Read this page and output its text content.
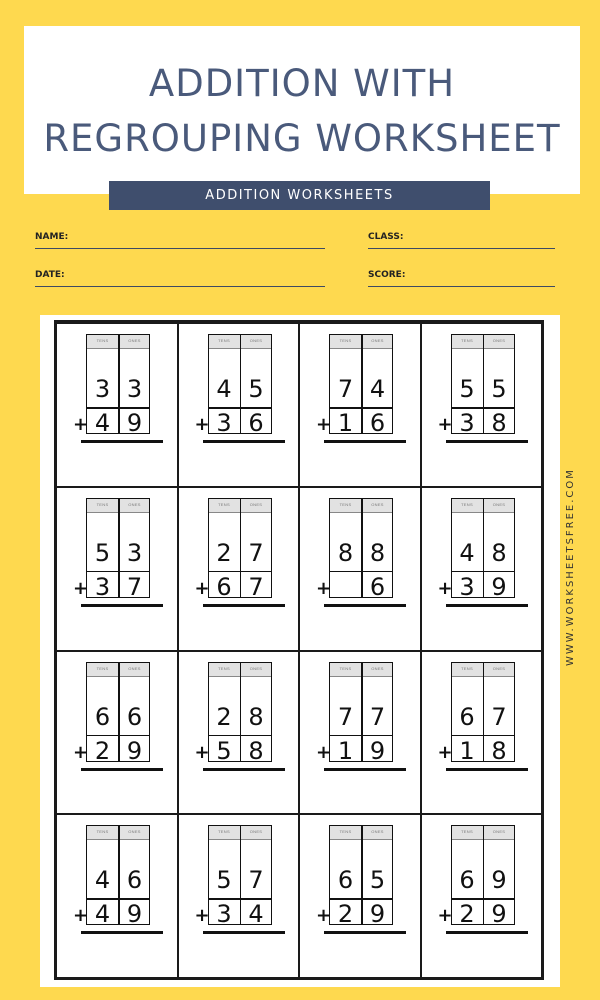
ADDITION WITH
REGROUPING WORKSHEET
ADDITION WORKSHEETS
NAME:	CLASS:
DATE:	SCORE:
TENS	ONES
3 3
4 9
+
TENS	ONES
4 5
3 6
+
TENS	ONES
7 4
1 6
+
TENS	ONES
5 5
3 8
+
TENS	ONES
5 3
3 7
+
TENS	ONES
2 7
6 7
+
TENS	ONES
8 8
6
+
TENS	ONES
4 8
3 9
+
TENS	ONES
6 6
2 9
+
TENS	ONES
2 8
5 8
+
TENS	ONES
7 7
1 9
+
TENS	ONES
6 7
1 8
+
TENS	ONES
4 6
4 9
+
TENS	ONES
5 7
3 4
+
TENS	ONES
6 5
2 9
+
TENS	ONES
6 9
2 9
+
WWW.WORKSHEETSFREE.COM
